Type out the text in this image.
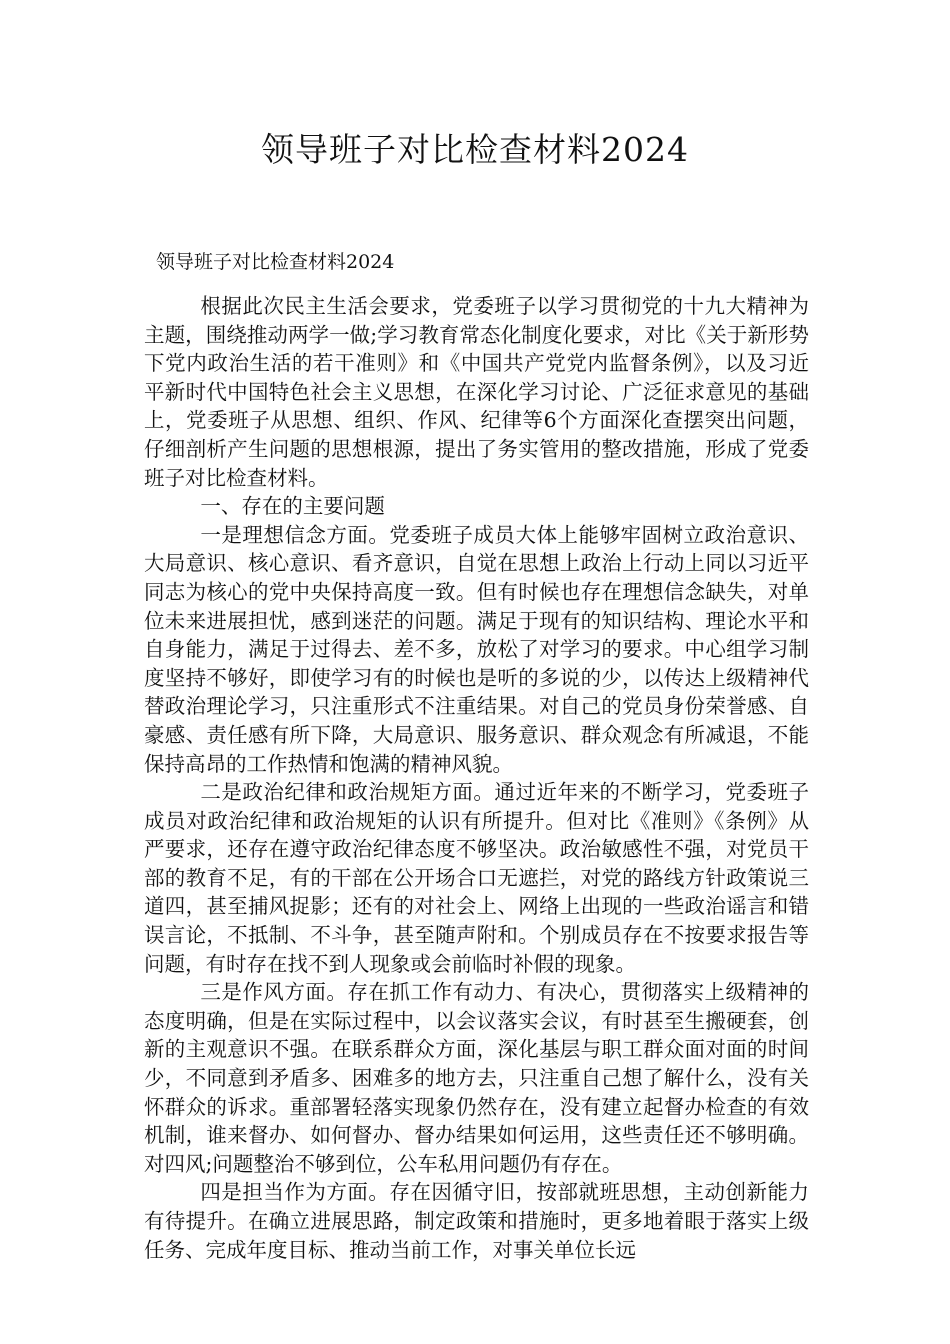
领导班子对比检查材料2024
领导班子对比检查材料2024

根据此次民主生活会要求，党委班子以学习贯彻党的十九大精神为主题，围绕推动两学一做;学习教育常态化制度化要求，对比《关于新形势下党内政治生活的若干准则》和《中国共产党党内监督条例》，以及习近平新时代中国特色社会主义思想，在深化学习讨论、广泛征求意见的基础上，党委班子从思想、组织、作风、纪律等6个方面深化查摆突出问题，仔细剖析产生问题的思想根源，提出了务实管用的整改措施，形成了党委班子对比检查材料。

一、存在的主要问题

一是理想信念方面。党委班子成员大体上能够牢固树立政治意识、大局意识、核心意识、看齐意识，自觉在思想上政治上行动上同以习近平同志为核心的党中央保持高度一致。但有时候也存在理想信念缺失，对单位未来进展担忧，感到迷茫的问题。满足于现有的知识结构、理论水平和自身能力，满足于过得去、差不多，放松了对学习的要求。中心组学习制度坚持不够好，即使学习有的时候也是听的多说的少，以传达上级精神代替政治理论学习，只注重形式不注重结果。对自己的党员身份荣誉感、自豪感、责任感有所下降，大局意识、服务意识、群众观念有所减退，不能保持高昂的工作热情和饱满的精神风貌。

二是政治纪律和政治规矩方面。通过近年来的不断学习，党委班子成员对政治纪律和政治规矩的认识有所提升。但对比《准则》《条例》从严要求，还存在遵守政治纪律态度不够坚决。政治敏感性不强，对党员干部的教育不足，有的干部在公开场合口无遮拦，对党的路线方针政策说三道四，甚至捕风捉影；还有的对社会上、网络上出现的一些政治谣言和错误言论，不抵制、不斗争，甚至随声附和。个别成员存在不按要求报告等问题，有时存在找不到人现象或会前临时补假的现象。

三是作风方面。存在抓工作有动力、有决心，贯彻落实上级精神的态度明确，但是在实际过程中，以会议落实会议，有时甚至生搬硬套，创新的主观意识不强。在联系群众方面，深化基层与职工群众面对面的时间少，不同意到矛盾多、困难多的地方去，只注重自己想了解什么，没有关怀群众的诉求。重部署轻落实现象仍然存在，没有建立起督办检查的有效机制，谁来督办、如何督办、督办结果如何运用，这些责任还不够明确。对四风;问题整治不够到位，公车私用问题仍有存在。

四是担当作为方面。存在因循守旧，按部就班思想，主动创新能力有待提升。在确立进展思路，制定政策和措施时，更多地着眼于落实上级任务、完成年度目标、推动当前工作，对事关单位长远
